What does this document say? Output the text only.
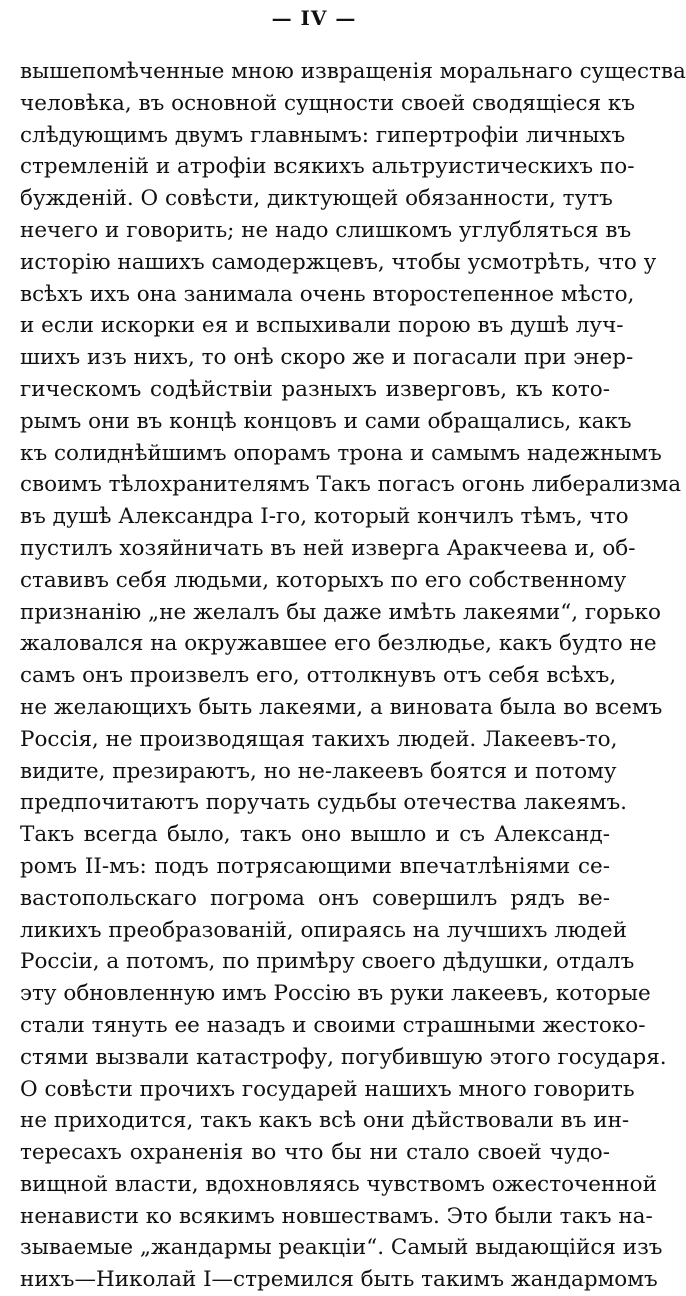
— IV —
вышепомѣченные мною извращенія моральнаго существа
человѣка, въ основной сущности своей сводящіеся къ
слѣдующимъ двумъ главнымъ: гипертрофіи личныхъ
стремленій и атрофіи всякихъ альтруистическихъ по-
бужденій. О совѣсти, диктующей обязанности, тутъ
нечего и говорить; не надо слишкомъ углубляться въ
исторію нашихъ самодержцевъ, чтобы усмотрѣть, что у
всѣхъ ихъ она занимала очень второстепенное мѣсто,
и если искорки ея и вспыхивали порою въ душѣ луч-
шихъ изъ нихъ, то онѣ скоро же и погасали при энер-
гическомъ содѣйствіи разныхъ изверговъ, къ кото-
рымъ они въ концѣ концовъ и сами обращались, какъ
къ солиднѣйшимъ опорамъ трона и самымъ надежнымъ
своимъ тѣлохранителямъ Такъ погасъ огонь либерализма
въ душѣ Александра І-го, который кончилъ тѣмъ, что
пустилъ хозяйничать въ ней изверга Аракчеева и, об-
ставивъ себя людьми, которыхъ по его собственному
признанію „не желалъ бы даже имѣть лакеями“, горько
жаловался на окружавшее его безлюдье, какъ будто не
самъ онъ произвелъ его, оттолкнувъ отъ себя всѣхъ,
не желающихъ быть лакеями, а виновата была во всемъ
Россія, не производящая такихъ людей. Лакеевъ-то,
видите, презираютъ, но не-лакеевъ боятся и потому
предпочитаютъ поручать судьбы отечества лакеямъ.
Такъ всегда было, такъ оно вышло и съ Александ-
ромъ ІІ-мъ: подъ потрясающими впечатлѣніями се-
вастопольскаго погрома онъ совершилъ рядъ ве-
ликихъ преобразованій, опираясь на лучшихъ людей
Россіи, а потомъ, по примѣру своего дѣдушки, отдалъ
эту обновленную имъ Россію въ руки лакеевъ, которые
стали тянуть ее назадъ и своими страшными жестоко-
стями вызвали катастрофу, погубившую этого государя.
О совѣсти прочихъ государей нашихъ много говорить
не приходится, такъ какъ всѣ они дѣйствовали въ ин-
тересахъ охраненія во что бы ни стало своей чудо-
вищной власти, вдохновляясь чувствомъ ожесточенной
ненависти ко всякимъ новшествамъ. Это были такъ на-
зываемые „жандармы реакціи“. Самый выдающійся изъ
нихъ—Николай І—стремился быть такимъ жандармомъ
